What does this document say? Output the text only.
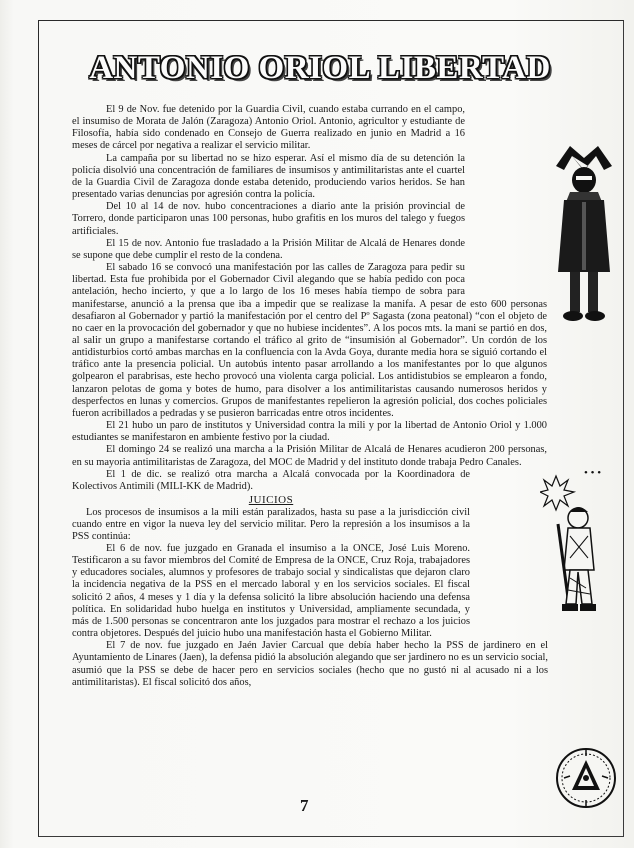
ANTONIO ORIOL LIBERTAD

El 9 de Nov. fue detenido por la Guardia Civil, cuando estaba currando en el campo, el insumiso de Morata de Jalón (Zaragoza) Antonio Oriol. Antonio, agricultor y estudiante de Filosofía, había sido condenado en Consejo de Guerra realizado en junio en Madrid a 16 meses de cárcel por negativa a realizar el servicio militar.

La campaña por su libertad no se hizo esperar. Así el mismo día de su detención la policía disolvió una concentración de familiares de insumisos y antimilitaristas ante el cuartel de la Guardia Civil de Zaragoza donde estaba detenido, produciendo varios heridos. Se han presentado varias denuncias por agresión contra la policía.

Del 10 al 14 de nov. hubo concentraciones a diario ante la prisión provincial de Torrero, donde participaron unas 100 personas, hubo grafitis en los muros del talego y fuegos artificiales.

El 15 de nov. Antonio fue trasladado a la Prisión Militar de Alcalá de Henares donde se supone que debe cumplir el resto de la condena.

El sabado 16 se convocó una manifestación por las calles de Zaragoza para pedir su libertad. Esta fue prohibida por el Gobernador Civil alegando que se había pedido con poca antelación, hecho incierto, y que a lo largo de los 16 meses había tiempo de sobra para manifestarse, anunció a la prensa que iba a impedir que se realizase la manifa. A pesar de esto 600 personas desafiaron al Gobernador y partió la manifestación por el centro del Pº Sagasta (zona peatonal) “con el objeto de no caer en la provocación del gobernador y que no hubiese incidentes”. A los pocos mts. la mani se partió en dos, al salir un grupo a manifestarse cortando el tráfico al grito de “insumisión al Gobernador”. Un cordón de los antidisturbios cortó ambas marchas en la confluencia con la Avda Goya, durante media hora se siguió cortando el tráfico ante la presencia policial. Un autobús intento pasar arrollando a los manifestantes por lo que algunos golpearon el parabrisas, este hecho provocó una violenta carga policial. Los antidistubios se emplearon a fondo, lanzaron pelotas de goma y botes de humo, para disolver a los antimilitaristas causando numerosos heridos y desperfectos en lunas y comercios. Grupos de manifestantes repelieron la agresión policial, dos coches policiales fueron acribillados a pedradas y se pusieron barricadas entre otros incidentes.

El 21 hubo un paro de institutos y Universidad contra la mili y por la libertad de Antonio Oriol y 1.000 estudiantes se manifestaron en ambiente festivo por la ciudad.

El domingo 24 se realizó una marcha a la Prisión Militar de Alcalá de Henares acudieron 200 personas, en su mayoria antimilitaristas de Zaragoza, del MOC de Madrid y del instituto donde trabaja Pedro Canales.

El 1 de dic. se realizó otra marcha a Alcalá convocada por la Koordinadora de Kolectivos Antimili (MILI-KK de Madrid).

JUICIOS

Los procesos de insumisos a la mili están paralizados, hasta su pase a la jurisdicción civil cuando entre en vigor la nueva ley del servicio militar. Pero la represión a los insumisos a la PSS continúa:

El 6 de nov. fue juzgado en Granada el insumiso a la ONCE, José Luis Moreno. Testificaron a su favor miembros del Comité de Empresa de la ONCE, Cruz Roja, trabajadores y educadores sociales, alumnos y profesores de trabajo social y sindicalistas que dejaron claro la incidencia negativa de la PSS en el mercado laboral y en los servicios sociales. El fiscal solicitó 2 años, 4 meses y 1 día y la defensa solicitó la libre absolución haciendo una defensa política. En solidaridad hubo huelga en institutos y Universidad, ampliamente secundada, y más de 1.500 personas se concentraron ante los juzgados para mostrar el rechazo a los juicios contra objetores. Después del juicio hubo una manifestación hasta el Gobierno Militar.

El 7 de nov. fue juzgado en Jaén Javier Carcual que debía haber hecho la PSS de jardinero en el Ayuntamiento de Linares (Jaen), la defensa pidió la absolución alegando que ser jardinero no es un servicio social, asumió que la PSS se debe de hacer pero en servicios sociales (hecho que no gustó ni al acusado ni a los antimilitaristas). El fiscal solicitó dos años,

• • •
7
